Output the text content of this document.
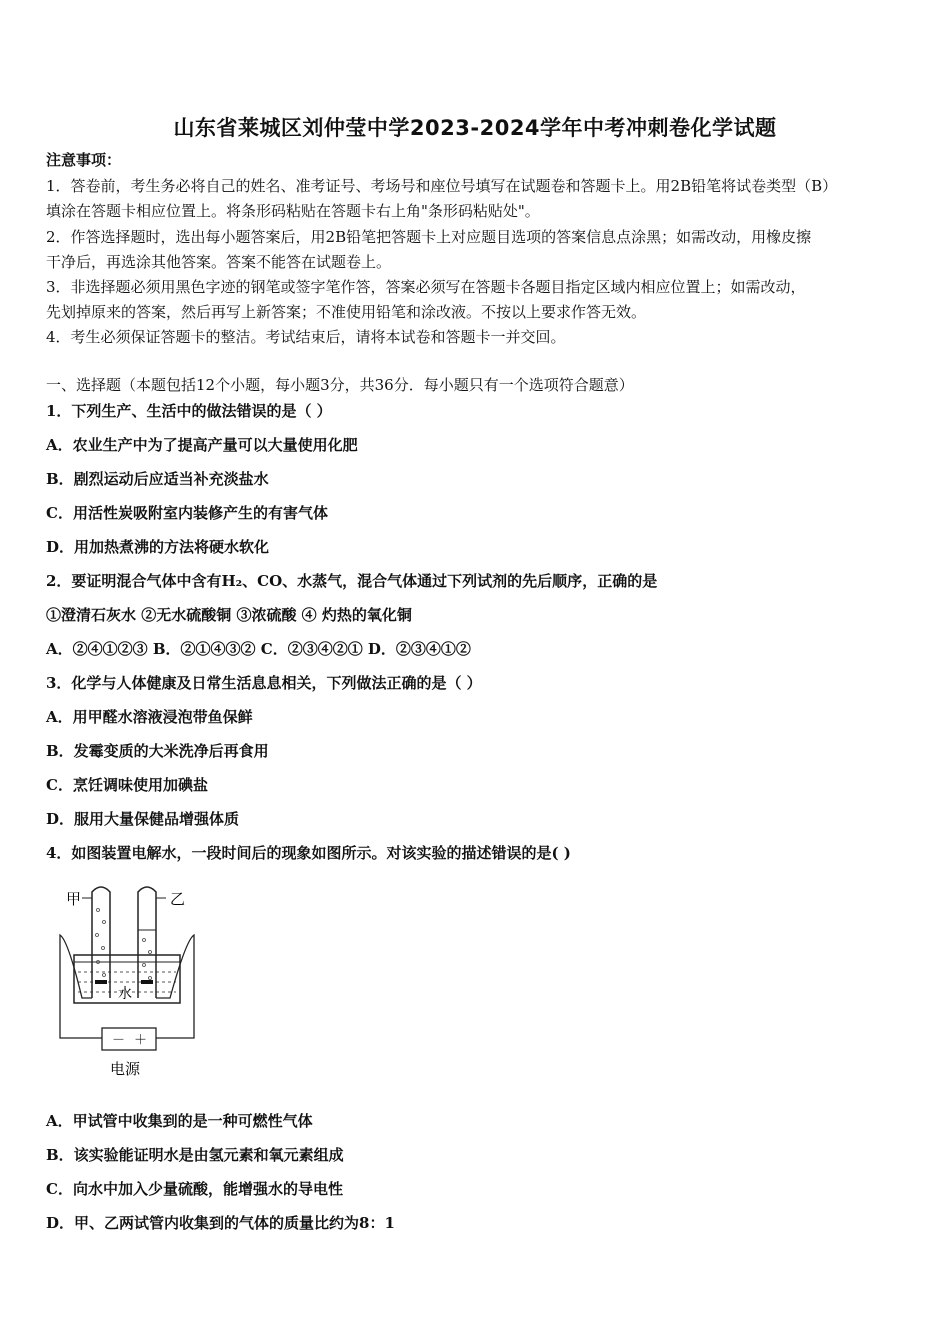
山东省莱城区刘仲莹中学2023-2024学年中考冲刺卷化学试题
注意事项：
1．答卷前，考生务必将自己的姓名、准考证号、考场号和座位号填写在试题卷和答题卡上。用2B铅笔将试卷类型（B）
填涂在答题卡相应位置上。将条形码粘贴在答题卡右上角"条形码粘贴处"。
2．作答选择题时，选出每小题答案后，用2B铅笔把答题卡上对应题目选项的答案信息点涂黑；如需改动，用橡皮擦
干净后，再选涂其他答案。答案不能答在试题卷上。
3．非选择题必须用黑色字迹的钢笔或签字笔作答，答案必须写在答题卡各题目指定区域内相应位置上；如需改动，
先划掉原来的答案，然后再写上新答案；不准使用铅笔和涂改液。不按以上要求作答无效。
4．考生必须保证答题卡的整洁。考试结束后，请将本试卷和答题卡一并交回。
一、选择题（本题包括12个小题，每小题3分，共36分．每小题只有一个选项符合题意）
1．下列生产、生活中的做法错误的是（ ）
A．农业生产中为了提高产量可以大量使用化肥
B．剧烈运动后应适当补充淡盐水
C．用活性炭吸附室内装修产生的有害气体
D．用加热煮沸的方法将硬水软化
2．要证明混合气体中含有H₂、CO、水蒸气，混合气体通过下列试剂的先后顺序，正确的是
①澄清石灰水 ②无水硫酸铜 ③浓硫酸 ④ 灼热的氧化铜
A．②④①②③ B．②①④③② C．②③④②① D．②③④①②
3．化学与人体健康及日常生活息息相关，下列做法正确的是（ ）
A．用甲醛水溶液浸泡带鱼保鲜
B．发霉变质的大米洗净后再食用
C．烹饪调味使用加碘盐
D．服用大量保健品增强体质
4．如图装置电解水，一段时间后的现象如图所示。对该实验的描述错误的是( )
甲	乙
水
－ ＋
电源
A．甲试管中收集到的是一种可燃性气体
B．该实验能证明水是由氢元素和氧元素组成
C．向水中加入少量硫酸，能增强水的导电性
D．甲、乙两试管内收集到的气体的质量比约为8：1
